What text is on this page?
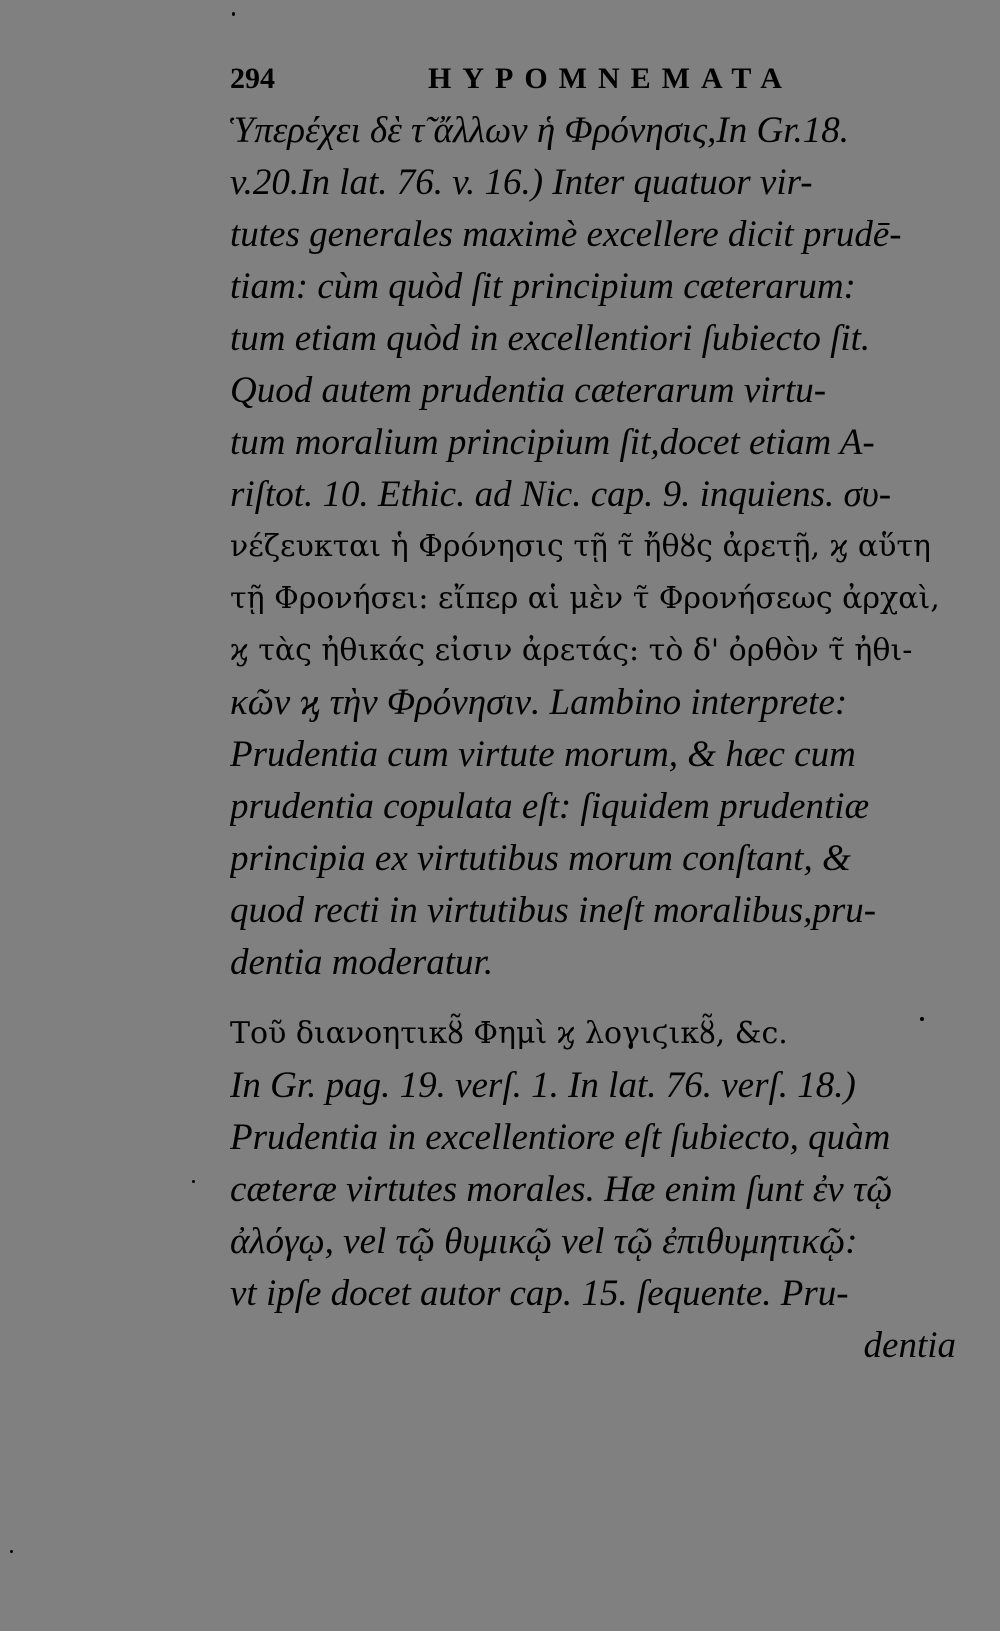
294	HYPOMNEMATA
Ὑπερέχει δὲ τ̃ ἄλλων ἡ Φρόνησις,In Gr.18.
v.20.In lat. 76. v. 16.) Inter quatuor vir-
tutes generales maximè excellere dicit prudē-
tiam: cùm quòd ſit principium cæterarum:
tum etiam quòd in excellentiori ſubiecto ſit.
Quod autem prudentia cæterarum virtu-
tum moralium principium ſit,docet etiam A-
riſtot. 10. Ethic. ad Nic. cap. 9. inquiens. συ-
νέζευκται ἡ Φρόνησις τῇ τ̃ ἤθȣς ἀρετῇ, ϗ αὕτη
τῇ Φρονήσει: εἴπερ αἱ μὲν τ̃ Φρονήσεως ἀρχαὶ,
ϗ τὰς ἠθικάς εἰσιν ἀρετάς: τὸ δ' ὀρθὸν τ̃ ἠθι-
κῶν ϗ τὴν Φρόνησιν. Lambino interprete:
Prudentia cum virtute morum, & hæc cum
prudentia copulata eſt: ſiquidem prudentiæ
principia ex virtutibus morum conſtant, &
quod recti in virtutibus ineſt moralibus,pru-
dentia moderatur.
Τοῦ διανοητικȣ̃ Φημὶ ϗ λογιϛικȣ̃, &c.
In Gr. pag. 19. verſ. 1. In lat. 76. verſ. 18.)
Prudentia in excellentiore eſt ſubiecto, quàm
cæteræ virtutes morales. Hæ enim ſunt ἐν τῷ
ἀλόγῳ, vel τῷ θυμικῷ vel τῷ ἐπιθυμητικῷ:
vt ipſe docet autor cap. 15. ſequente. Pru-
dentia
